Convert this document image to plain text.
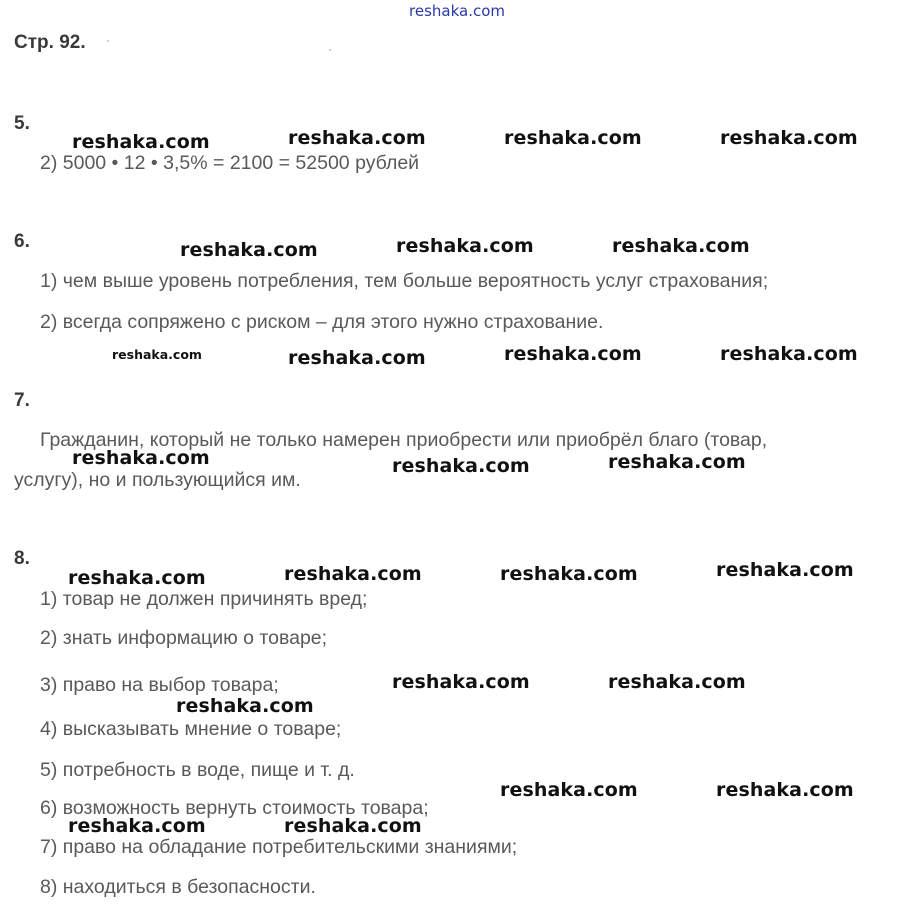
reshaka.com
Стр. 92.
5.
2) 5000 • 12 • 3,5% = 2100 = 52500 рублей
6.
1) чем выше уровень потребления, тем больше вероятность услуг страхования;
2) всегда сопряжено с риском – для этого нужно страхование.
7.
Гражданин, который не только намерен приобрести или приобрёл благо (товар,
услугу), но и пользующийся им.
8.
1) товар не должен причинять вред;
2) знать информацию о товаре;
3) право на выбор товара;
4) высказывать мнение о товаре;
5) потребность в воде, пище и т. д.
6) возможность вернуть стоимость товара;
7) право на обладание потребительскими знаниями;
8) находиться в безопасности.
reshaka.com	reshaka.com	reshaka.com	reshaka.com
reshaka.com	reshaka.com	reshaka.com
reshaka.com	reshaka.com	reshaka.com	reshaka.com
reshaka.com	reshaka.com	reshaka.com
reshaka.com	reshaka.com	reshaka.com	reshaka.com
reshaka.com	reshaka.com
reshaka.com
reshaka.com	reshaka.com
reshaka.com	reshaka.com
